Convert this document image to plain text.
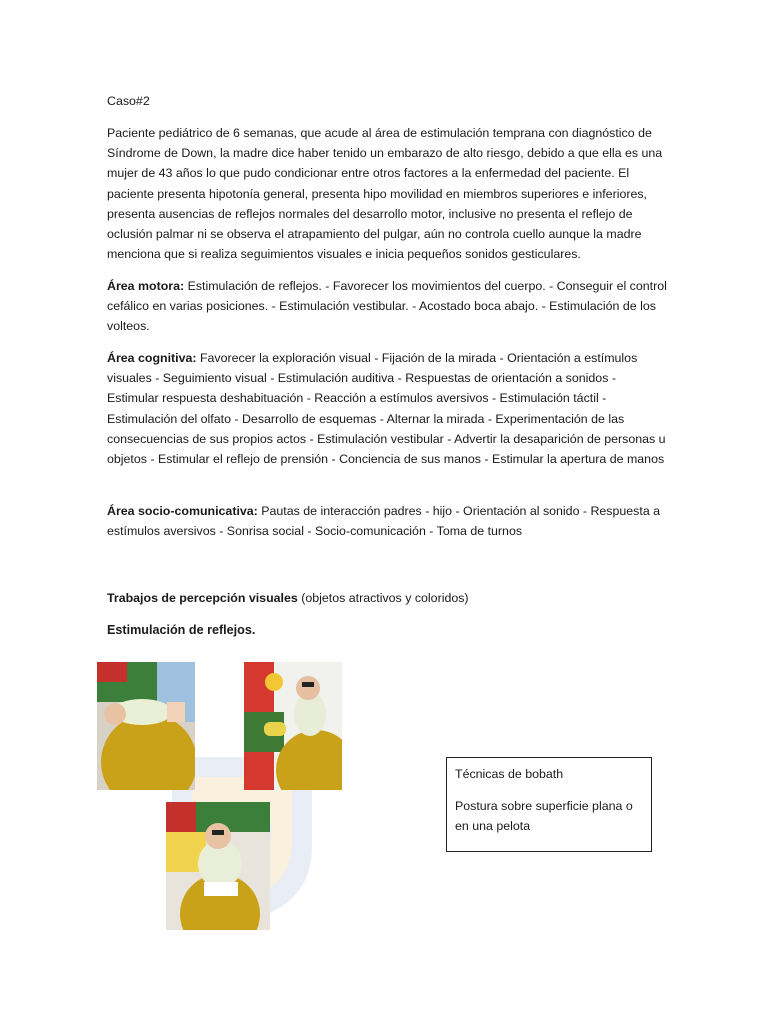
Caso#2

Paciente pediátrico de 6 semanas, que acude al área de estimulación temprana con diagnóstico de Síndrome de Down, la madre dice haber tenido un embarazo de alto riesgo, debido a que ella es una mujer de 43 años lo que pudo condicionar entre otros factores a la enfermedad del paciente. El paciente presenta hipotonía general, presenta hipo movilidad en miembros superiores e inferiores, presenta ausencias de reflejos normales del desarrollo motor, inclusive no presenta el reflejo de oclusión palmar ni se observa el atrapamiento del pulgar, aún no controla cuello aunque la madre menciona que si realiza seguimientos visuales e inicia pequeños sonidos gesticulares.

Área motora: Estimulación de reflejos. - Favorecer los movimientos del cuerpo. - Conseguir el control cefálico en varias posiciones. - Estimulación vestibular. - Acostado boca abajo. - Estimulación de los volteos.

Área cognitiva: Favorecer la exploración visual - Fijación de la mirada - Orientación a estímulos visuales - Seguimiento visual - Estimulación auditiva - Respuestas de orientación a sonidos - Estimular respuesta deshabituación - Reacción a estímulos aversivos - Estimulación táctil - Estimulación del olfato - Desarrollo de esquemas - Alternar la mirada - Experimentación de las consecuencias de sus propios actos - Estimulación vestibular - Advertir la desaparición de personas u objetos - Estimular el reflejo de prensión - Conciencia de sus manos - Estimular la apertura de manos

Área socio-comunicativa: Pautas de interacción padres - hijo - Orientación al sonido - Respuesta a estímulos aversivos - Sonrisa social - Socio-comunicación - Toma de turnos

Trabajos de percepción visuales (objetos atractivos y coloridos)

Estimulación de reflejos.

Técnicas de bobath

Postura sobre superficie plana o en una pelota
